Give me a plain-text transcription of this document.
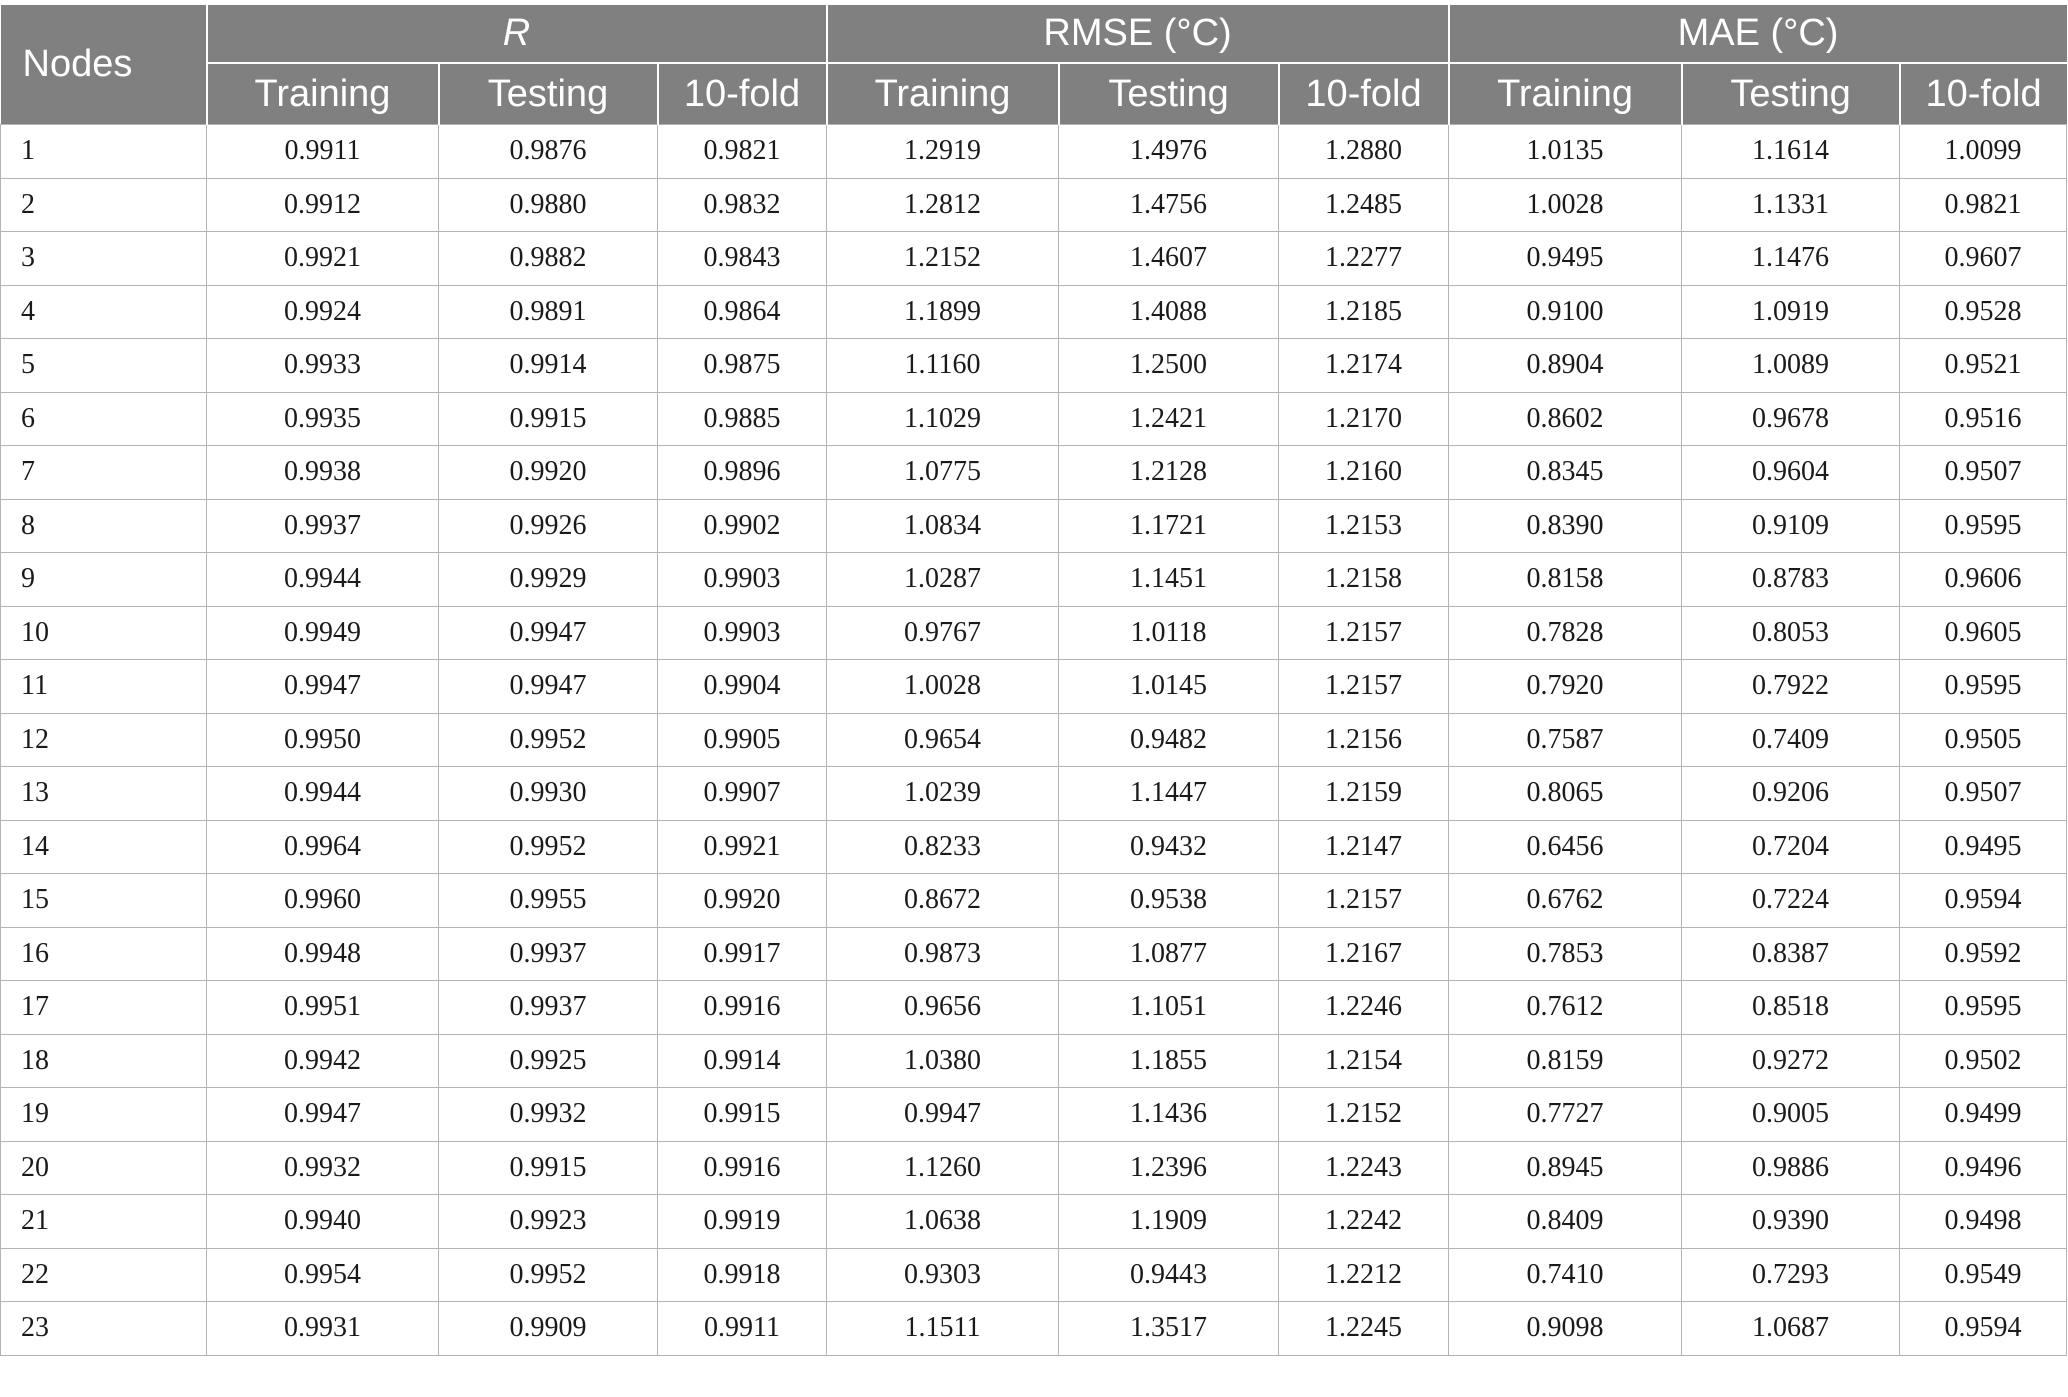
Nodes	R			RMSE (°C)			MAE (°C)		
	Training	Testing	10-fold	Training	Testing	10-fold	Training	Testing	10-fold
1	0.9911	0.9876	0.9821	1.2919	1.4976	1.2880	1.0135	1.1614	1.0099
2	0.9912	0.9880	0.9832	1.2812	1.4756	1.2485	1.0028	1.1331	0.9821
3	0.9921	0.9882	0.9843	1.2152	1.4607	1.2277	0.9495	1.1476	0.9607
4	0.9924	0.9891	0.9864	1.1899	1.4088	1.2185	0.9100	1.0919	0.9528
5	0.9933	0.9914	0.9875	1.1160	1.2500	1.2174	0.8904	1.0089	0.9521
6	0.9935	0.9915	0.9885	1.1029	1.2421	1.2170	0.8602	0.9678	0.9516
7	0.9938	0.9920	0.9896	1.0775	1.2128	1.2160	0.8345	0.9604	0.9507
8	0.9937	0.9926	0.9902	1.0834	1.1721	1.2153	0.8390	0.9109	0.9595
9	0.9944	0.9929	0.9903	1.0287	1.1451	1.2158	0.8158	0.8783	0.9606
10	0.9949	0.9947	0.9903	0.9767	1.0118	1.2157	0.7828	0.8053	0.9605
11	0.9947	0.9947	0.9904	1.0028	1.0145	1.2157	0.7920	0.7922	0.9595
12	0.9950	0.9952	0.9905	0.9654	0.9482	1.2156	0.7587	0.7409	0.9505
13	0.9944	0.9930	0.9907	1.0239	1.1447	1.2159	0.8065	0.9206	0.9507
14	0.9964	0.9952	0.9921	0.8233	0.9432	1.2147	0.6456	0.7204	0.9495
15	0.9960	0.9955	0.9920	0.8672	0.9538	1.2157	0.6762	0.7224	0.9594
16	0.9948	0.9937	0.9917	0.9873	1.0877	1.2167	0.7853	0.8387	0.9592
17	0.9951	0.9937	0.9916	0.9656	1.1051	1.2246	0.7612	0.8518	0.9595
18	0.9942	0.9925	0.9914	1.0380	1.1855	1.2154	0.8159	0.9272	0.9502
19	0.9947	0.9932	0.9915	0.9947	1.1436	1.2152	0.7727	0.9005	0.9499
20	0.9932	0.9915	0.9916	1.1260	1.2396	1.2243	0.8945	0.9886	0.9496
21	0.9940	0.9923	0.9919	1.0638	1.1909	1.2242	0.8409	0.9390	0.9498
22	0.9954	0.9952	0.9918	0.9303	0.9443	1.2212	0.7410	0.7293	0.9549
23	0.9931	0.9909	0.9911	1.1511	1.3517	1.2245	0.9098	1.0687	0.9594
